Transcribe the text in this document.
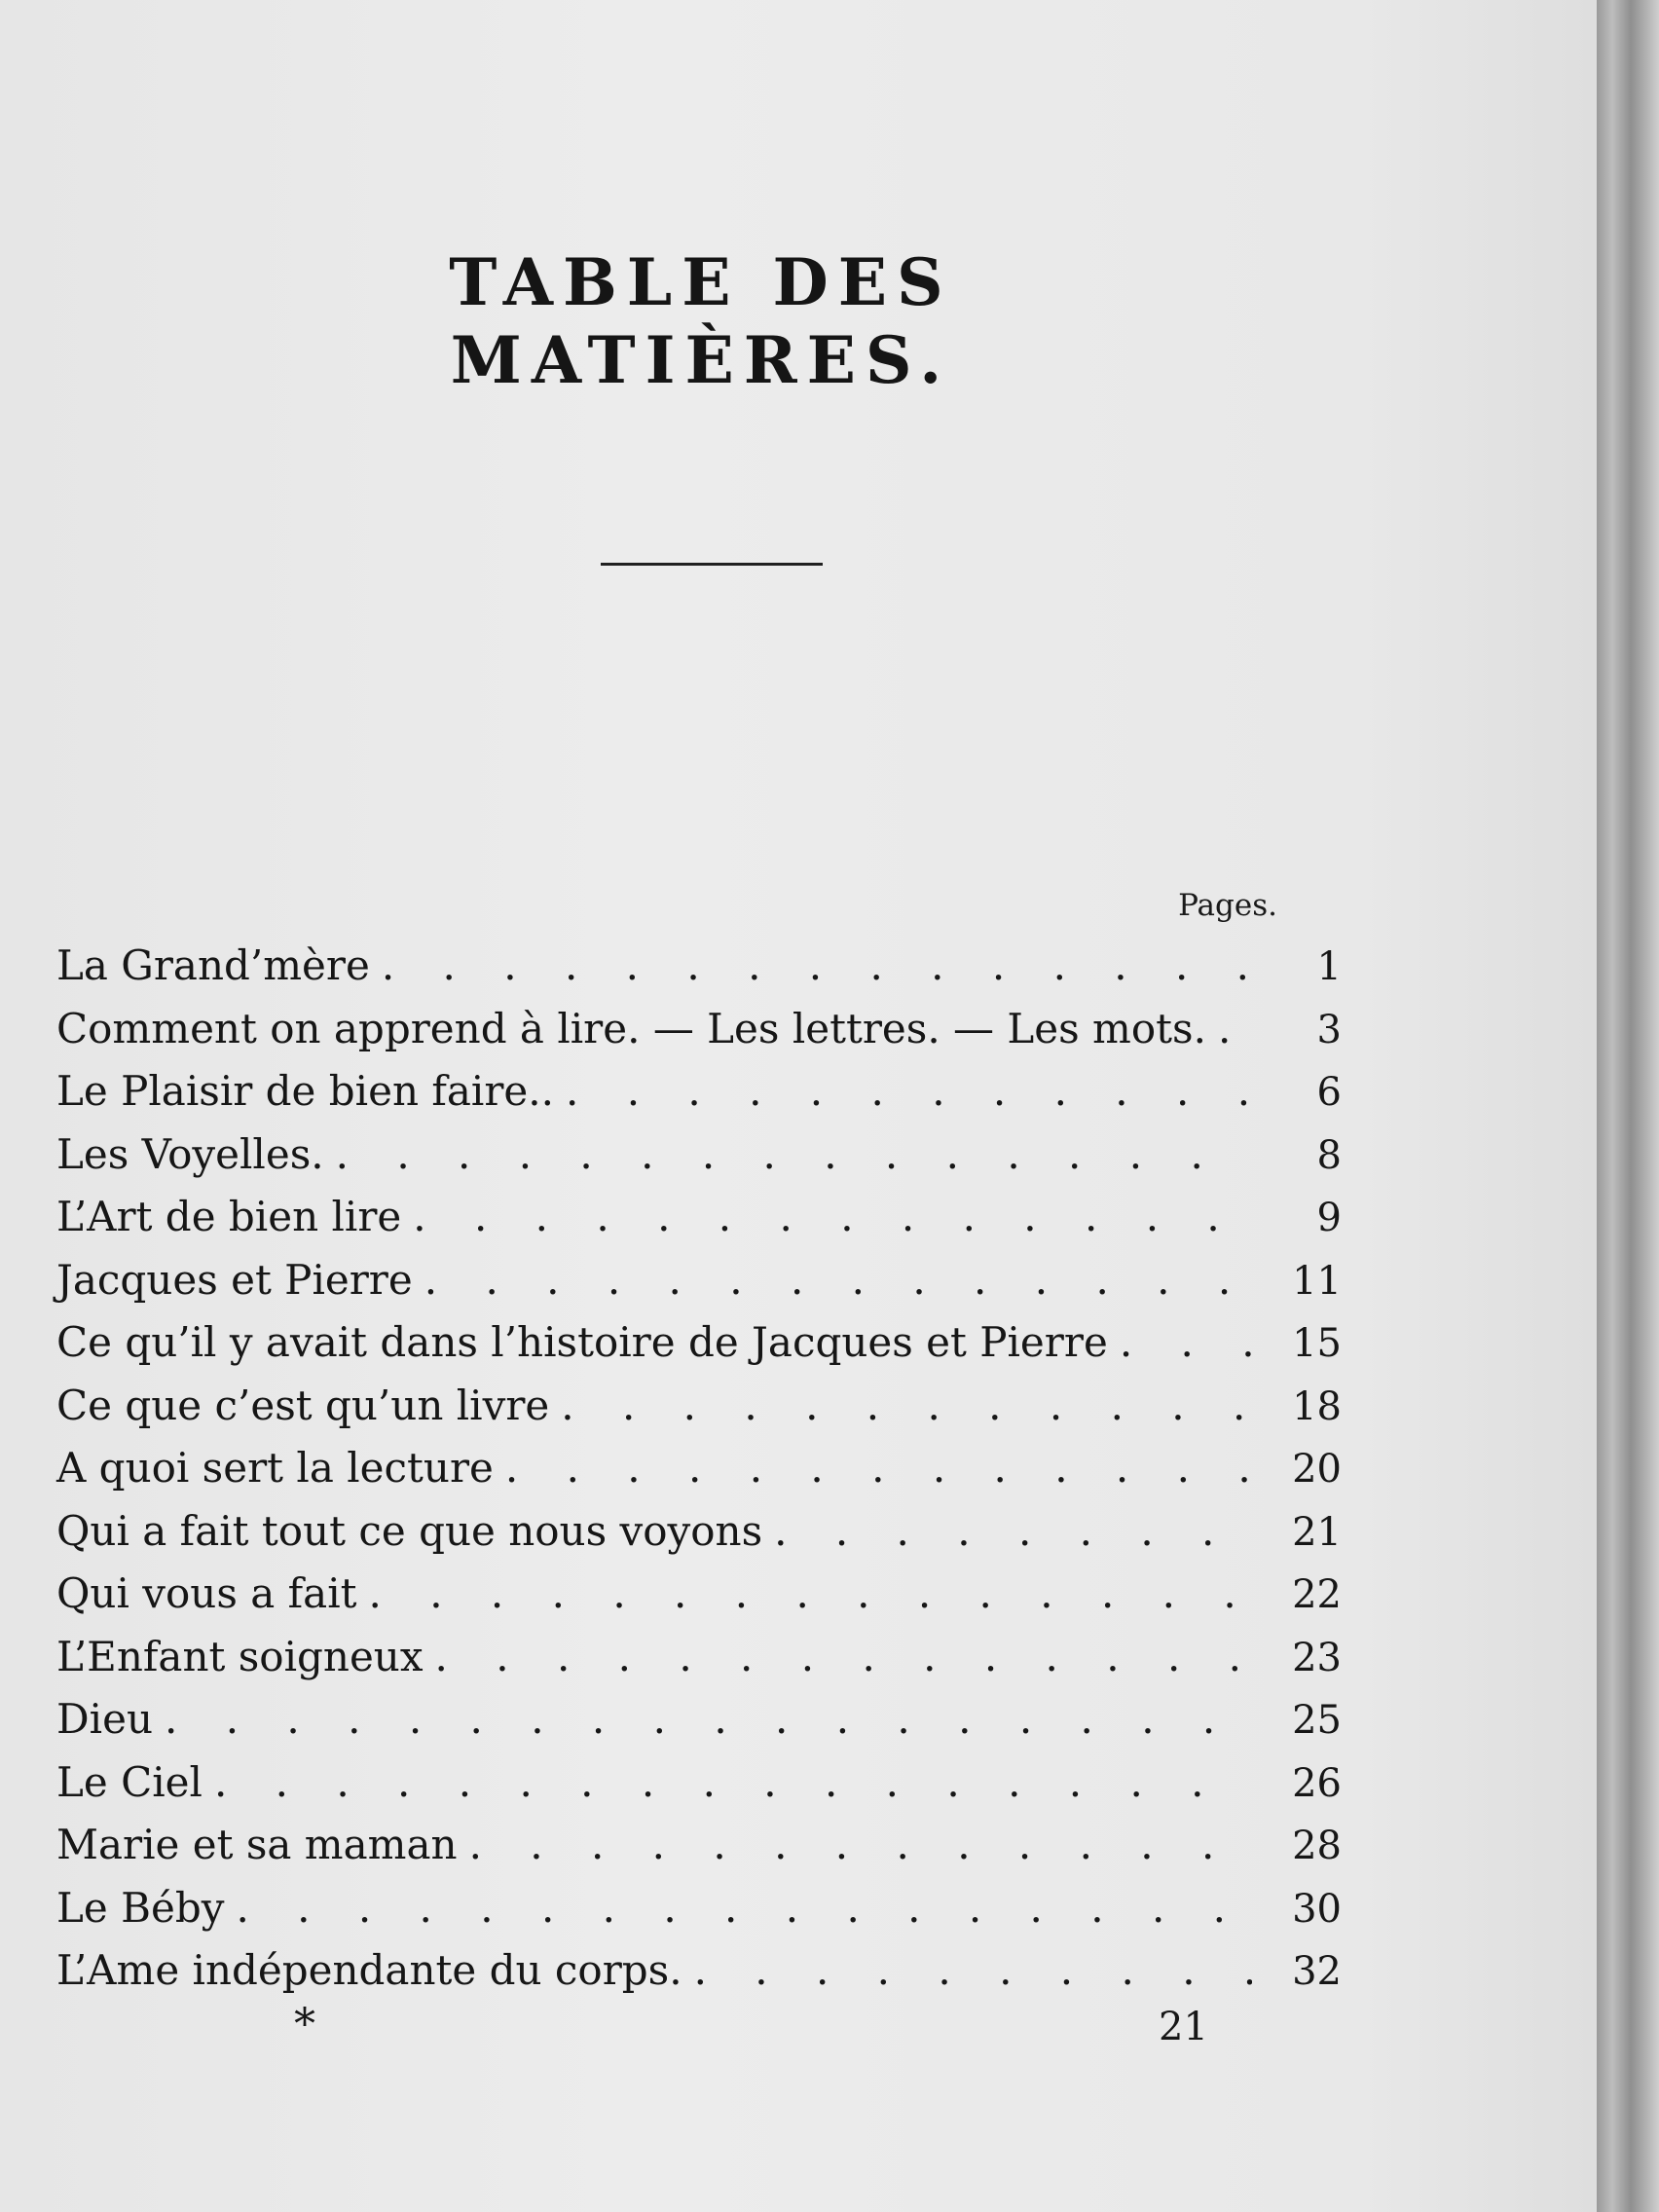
TABLE DES MATIÈRES.
Pages.
La Grand’mère . . .	1
Comment on apprend à lire. — Les lettres. — Les mots. . . .	3
Le Plaisir de bien faire.. . . .	6
Les Voyelles. . . .	8
L’Art de bien lire . . .	9
Jacques et Pierre . . .	11
Ce qu’il y avait dans l’histoire de Jacques et Pierre . . .	15
Ce que c’est qu’un livre . . .	18
A quoi sert la lecture . . .	20
Qui a fait tout ce que nous voyons . . .	21
Qui vous a fait . . .	22
L’Enfant soigneux . . .	23
Dieu . . .	25
Le Ciel . . .	26
Marie et sa maman . . .	28
Le Béby . . .	30
L’Ame indépendante du corps. . . .	32
*	21
